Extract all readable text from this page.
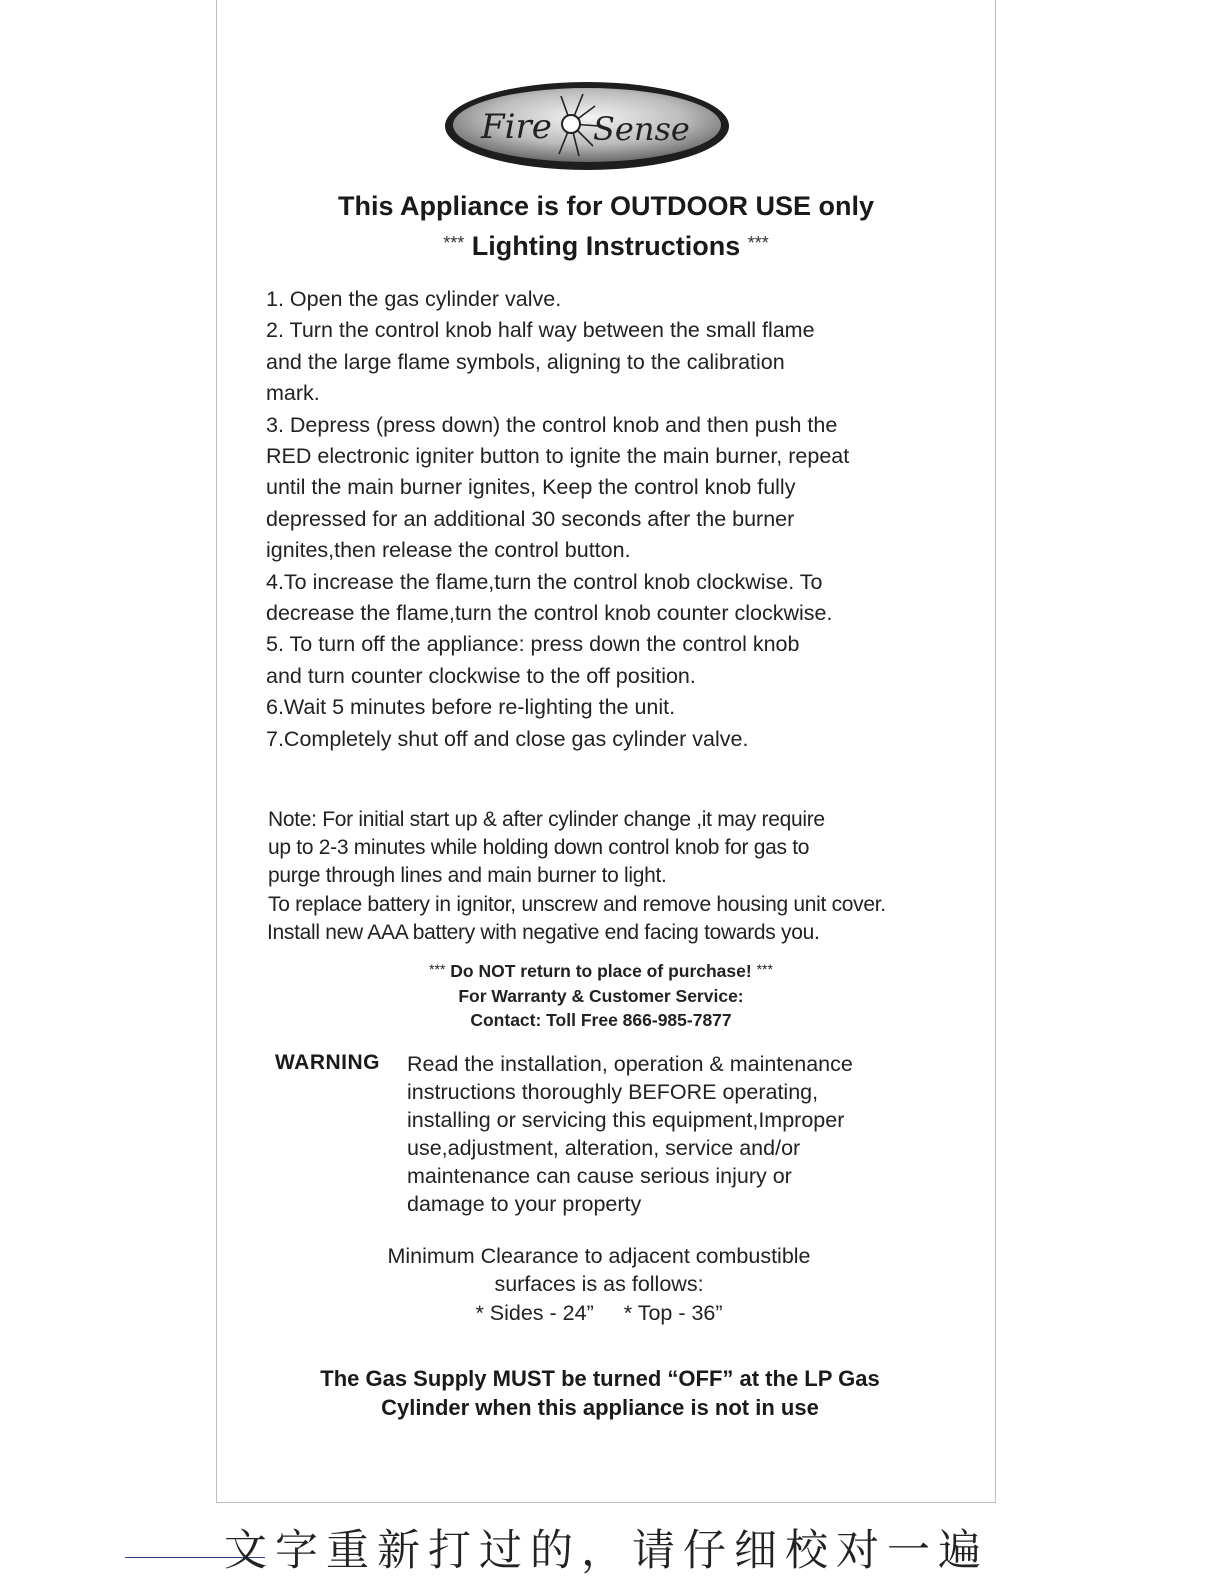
Fire Sense
This Appliance is for OUTDOOR USE only
*** Lighting Instructions ***

1. Open the gas cylinder valve.

2. Turn the control knob half way between the small flame

and the large flame symbols, aligning to the calibration

mark.

3. Depress (press down) the control knob and then push the

RED electronic igniter button to ignite the main burner, repeat

until the main burner ignites, Keep the control knob fully

depressed for an additional 30 seconds after the burner

ignites,then release the control button.

4.To increase the flame,turn the control knob clockwise. To

decrease the flame,turn the control knob counter clockwise.

5. To turn off the appliance: press down the control knob

and turn counter clockwise to the off position.

6.Wait 5 minutes before re-lighting the unit.

7.Completely shut off and close gas cylinder valve.

Note: For initial start up & after cylinder change ,it may require

up to 2-3 minutes while holding down control knob for gas to

purge through lines and main burner to light.

To replace battery in ignitor, unscrew and remove housing unit cover.

Install new AAA battery with negative end facing towards you.

*** Do NOT return to place of purchase! ***

For Warranty & Customer Service:

Contact: Toll Free 866-985-7877

WARNING Read the installation, operation & maintenance

instructions thoroughly BEFORE operating,

installing or servicing this equipment,Improper

use,adjustment, alteration, service and/or

maintenance can cause serious injury or

damage to your property

Minimum Clearance to adjacent combustible

surfaces is as follows:

* Sides - 24” * Top - 36”

The Gas Supply MUST be turned “OFF” at the LP Gas

Cylinder when this appliance is not in use

文字重新打过的，请仔细校对一遍
